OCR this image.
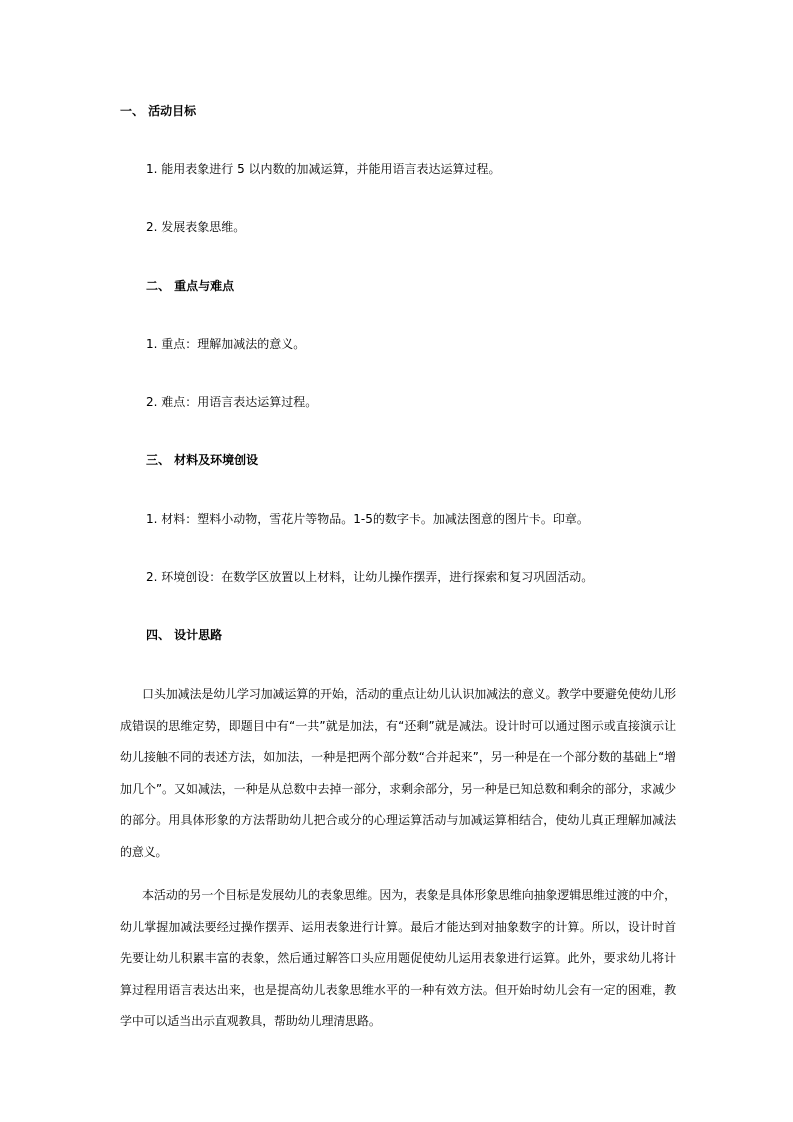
一、 活动目标
1. 能用表象进行 5 以内数的加减运算，并能用语言表达运算过程。
2. 发展表象思维。
二、 重点与难点
1. 重点：理解加减法的意义。
2. 难点：用语言表达运算过程。
三、 材料及环境创设
1. 材料：塑料小动物，雪花片等物品。1-5的数字卡。加减法图意的图片卡。印章。
2. 环境创设：在数学区放置以上材料，让幼儿操作摆弄，进行探索和复习巩固活动。
四、 设计思路

口头加减法是幼儿学习加减运算的开始，活动的重点让幼儿认识加减法的意义。教学中要避免使幼儿形成错误的思维定势，即题目中有“一共”就是加法，有“还剩”就是减法。设计时可以通过图示或直接演示让幼儿接触不同的表述方法，如加法，一种是把两个部分数“合并起来”，另一种是在一个部分数的基础上“增加几个”。又如减法，一种是从总数中去掉一部分，求剩余部分，另一种是已知总数和剩余的部分，求减少的部分。用具体形象的方法帮助幼儿把合或分的心理运算活动与加减运算相结合，使幼儿真正理解加减法的意义。

本活动的另一个目标是发展幼儿的表象思维。因为，表象是具体形象思维向抽象逻辑思维过渡的中介，幼儿掌握加减法要经过操作摆弄、运用表象进行计算。最后才能达到对抽象数字的计算。所以，设计时首先要让幼儿积累丰富的表象，然后通过解答口头应用题促使幼儿运用表象进行运算。此外，要求幼儿将计算过程用语言表达出来，也是提高幼儿表象思维水平的一种有效方法。但开始时幼儿会有一定的困难，教学中可以适当出示直观教具，帮助幼儿理清思路。
